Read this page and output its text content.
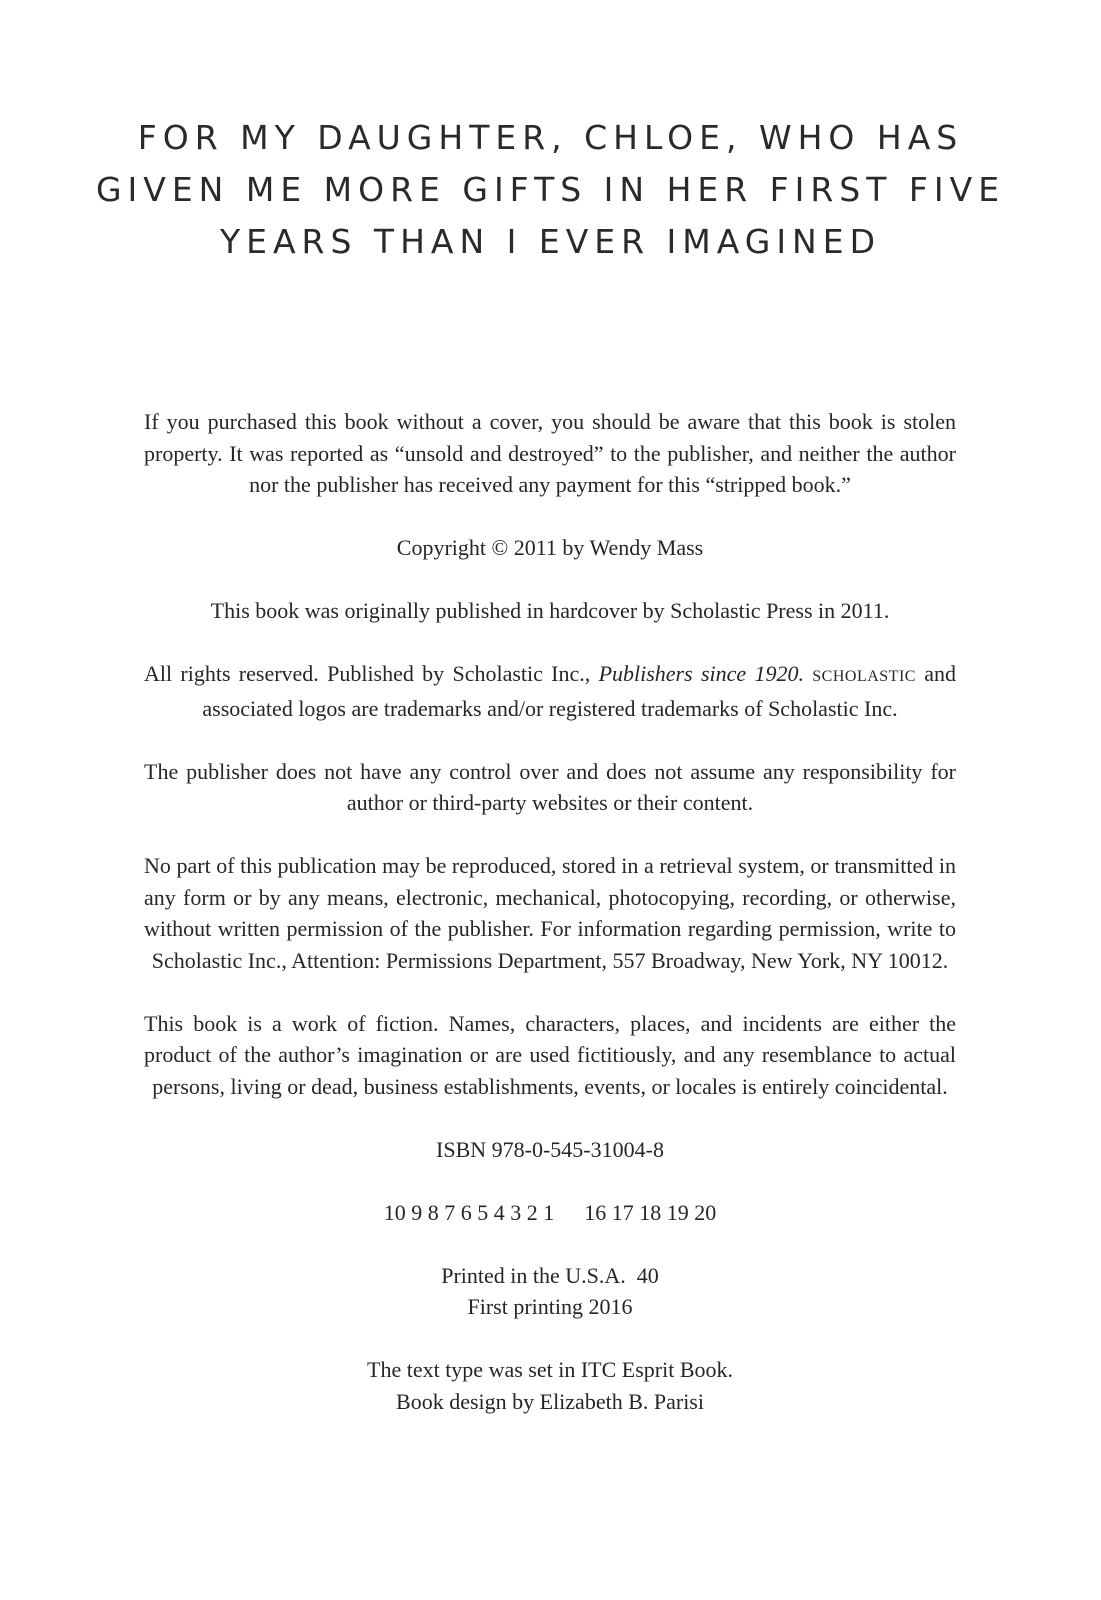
FOR MY DAUGHTER, CHLOE, WHO HAS
GIVEN ME MORE GIFTS IN HER FIRST FIVE
YEARS THAN I EVER IMAGINED

If you purchased this book without a cover, you should be aware that this book is stolen property. It was reported as “unsold and destroyed” to the publisher, and neither the author nor the publisher has received any payment for this “stripped book.”

Copyright © 2011 by Wendy Mass

This book was originally published in hardcover by Scholastic Press in 2011.

All rights reserved. Published by Scholastic Inc., Publishers since 1920. SCHOLASTIC and associated logos are trademarks and/or registered trademarks of Scholastic Inc.

The publisher does not have any control over and does not assume any responsibility for author or third-party websites or their content.

No part of this publication may be reproduced, stored in a retrieval system, or transmitted in any form or by any means, electronic, mechanical, photocopying, recording, or otherwise, without written permission of the publisher. For information regarding permission, write to Scholastic Inc., Attention: Permissions Department, 557 Broadway, New York, NY 10012.

This book is a work of fiction. Names, characters, places, and incidents are either the product of the author’s imagination or are used fictitiously, and any resemblance to actual persons, living or dead, business establishments, events, or locales is entirely coincidental.

ISBN 978-0-545-31004-8

10 9 8 7 6 5 4 3 2 1 16 17 18 19 20

Printed in the U.S.A.  40
First printing 2016

The text type was set in ITC Esprit Book.
Book design by Elizabeth B. Parisi
